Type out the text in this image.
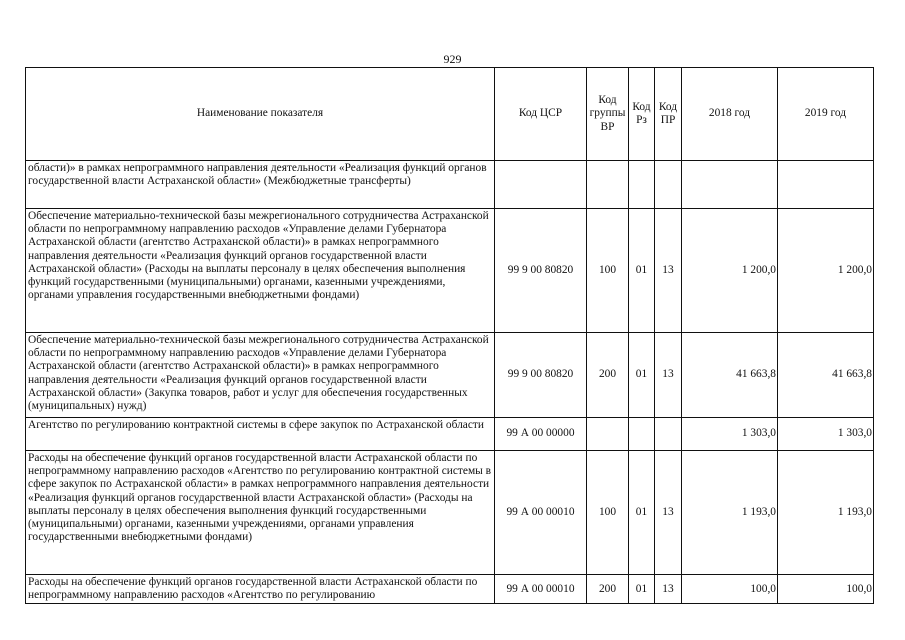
929
Наименование показателя	Код ЦСР	Код группы ВР	Код Рз	Код ПР	2018 год	2019 год
области)» в рамках непрограммного направления деятельности «Реализация функций органов государственной власти Астраханской области» (Межбюджетные трансферты)						
Обеспечение материально-технической базы межрегионального сотрудничества Астраханской области по непрограммному направлению расходов «Управление делами Губернатора Астраханской области (агентство Астраханской области)» в рамках непрограммного направления деятельности «Реализация функций органов государственной власти Астраханской области» (Расходы на выплаты персоналу в целях обеспечения выполнения функций государственными (муниципальными) органами, казенными учреждениями, органами управления государственными внебюджетными фондами)	99 9 00 80820	100	01	13	1 200,0	1 200,0
Обеспечение материально-технической базы межрегионального сотрудничества Астраханской области по непрограммному направлению расходов «Управление делами Губернатора Астраханской области (агентство Астраханской области)» в рамках непрограммного направления деятельности «Реализация функций органов государственной власти Астраханской области» (Закупка товаров, работ и услуг для обеспечения государственных (муниципальных) нужд)	99 9 00 80820	200	01	13	41 663,8	41 663,8
Агентство по регулированию контрактной системы в сфере закупок по Астраханской области	99 А 00 00000				1 303,0	1 303,0
Расходы на обеспечение функций органов государственной власти Астраханской области по непрограммному направлению расходов «Агентство по регулированию контрактной системы в сфере закупок по Астраханской области» в рамках непрограммного направления деятельности «Реализация функций органов государственной власти Астраханской области» (Расходы на выплаты персоналу в целях обеспечения выполнения функций государственными (муниципальными) органами, казенными учреждениями, органами управления государственными внебюджетными фондами)	99 А 00 00010	100	01	13	1 193,0	1 193,0
Расходы на обеспечение функций органов государственной власти Астраханской области по непрограммному направлению расходов «Агентство по регулированию	99 А 00 00010	200	01	13	100,0	100,0
